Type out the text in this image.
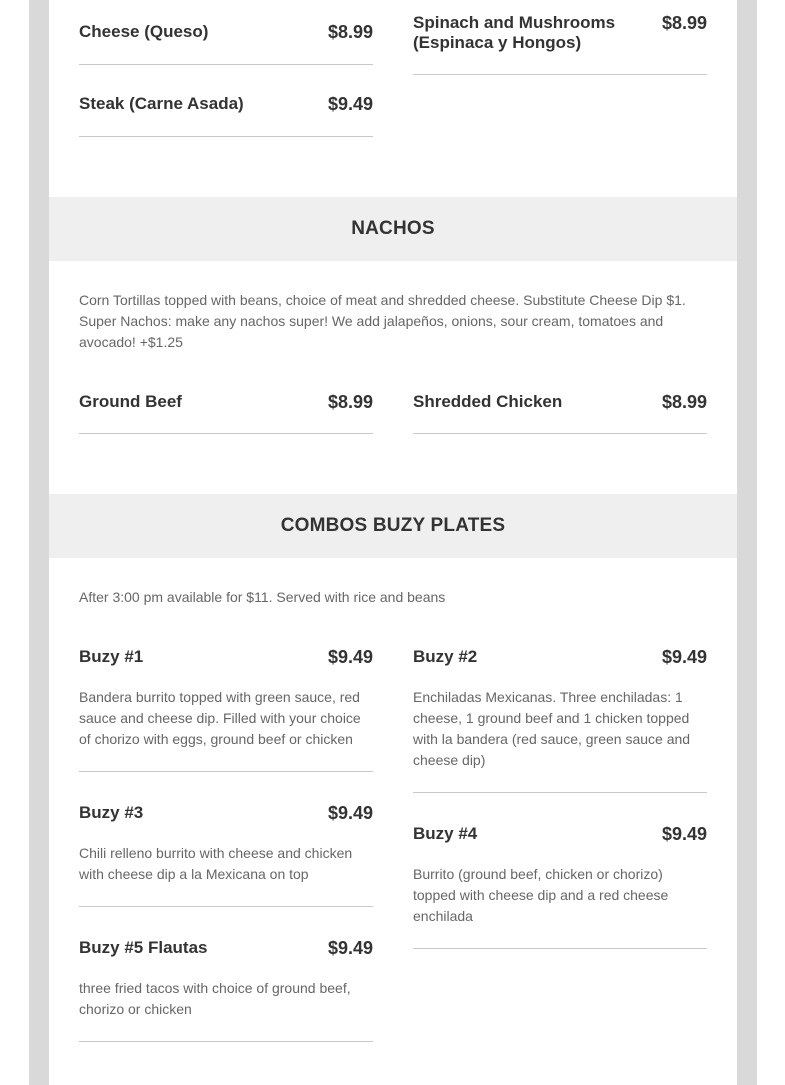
Cheese (Queso)	$8.99
Steak (Carne Asada)	$9.49
Spinach and Mushrooms (Espinaca y Hongos)
$8.99
NACHOS
Corn Tortillas topped with beans, choice of meat and shredded cheese. Substitute Cheese Dip $1. Super Nachos: make any nachos super! We add jalapeños, onions, sour cream, tomatoes and avocado! +$1.25
Ground Beef	$8.99 Shredded Chicken	$8.99
COMBOS BUZY PLATES
After 3:00 pm available for $11. Served with rice and beans
Buzy #1	$9.49
Bandera burrito topped with green sauce, red sauce and cheese dip. Filled with your choice of chorizo with eggs, ground beef or chicken
Buzy #3	$9.49
Chili relleno burrito with cheese and chicken with cheese dip a la Mexicana on top
Buzy #5 Flautas	$9.49
three fried tacos with choice of ground beef, chorizo or chicken
Buzy #2	$9.49
Enchiladas Mexicanas. Three enchiladas: 1 cheese, 1 ground beef and 1 chicken topped with la bandera (red sauce, green sauce and cheese dip)
Buzy #4	$9.49
Burrito (ground beef, chicken or chorizo) topped with cheese dip and a red cheese enchilada
